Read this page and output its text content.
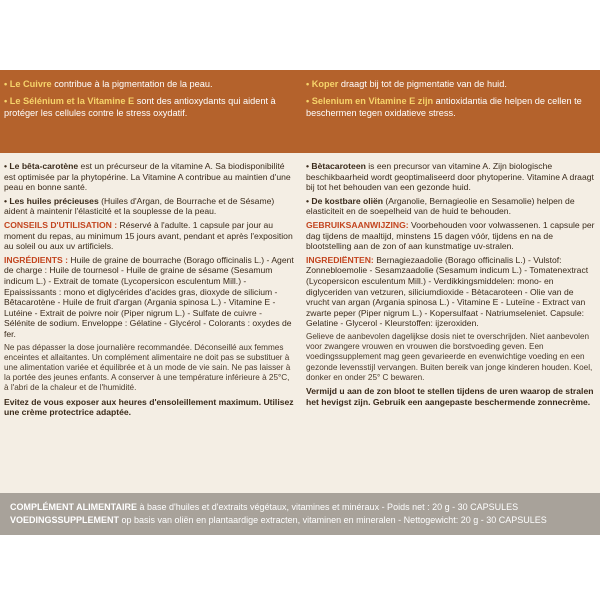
• Le Cuivre contribue à la pigmentation de la peau.

• Le Sélénium et la Vitamine E sont des antioxydants qui aident à protéger les cellules contre le stress oxydatif.

• Koper draagt bij tot de pigmentatie van de huid.

• Selenium en Vitamine E zijn antioxidantia die helpen de cellen te beschermen tegen oxidatieve stress.

• Le bêta-carotène est un précurseur de la vitamine A. Sa biodisponibilité est optimisée par la phytopérine. La Vitamine A contribue au maintien d'une peau en bonne santé.

• Les huiles précieuses (Huiles d'Argan, de Bourrache et de Sésame) aident à maintenir l'élasticité et la souplesse de la peau.

CONSEILS D'UTILISATION : Réservé à l'adulte. 1 capsule par jour au moment du repas, au minimum 15 jours avant, pendant et après l'exposition au soleil ou aux uv artificiels.

INGRÉDIENTS : Huile de graine de bourrache (Borago officinalis L.) - Agent de charge : Huile de tournesol - Huile de graine de sésame (Sesamum indicum L.) - Extrait de tomate (Lycopersicon esculentum Mill.) - Epaississants : mono et diglycérides d'acides gras, dioxyde de silicium - Bêtacarotène - Huile de fruit d'argan (Argania spinosa L.) - Vitamine E - Lutéine - Extrait de poivre noir (Piper nigrum L.) - Sulfate de cuivre - Sélénite de sodium. Enveloppe : Gélatine - Glycérol - Colorants : oxydes de fer.

Ne pas dépasser la dose journalière recommandée. Déconseillé aux femmes enceintes et allaitantes. Un complément alimentaire ne doit pas se substituer à une alimentation variée et équilibrée et à un mode de vie sain. Ne pas laisser à la portée des jeunes enfants. A conserver à une température inférieure à 25°C, à l'abri de la chaleur et de l'humidité.

Evitez de vous exposer aux heures d'ensoleillement maximum. Utilisez une crème protectrice adaptée.

• Bètacaroteen is een precursor van vitamine A. Zijn biologische beschikbaarheid wordt geoptimaliseerd door phytoperine. Vitamine A draagt bij tot het behouden van een gezonde huid.

• De kostbare oliën (Arganolie, Bernagieolie en Sesamolie) helpen de elasticiteit en de soepelheid van de huid te behouden.

GEBRUIKSAANWIJZING: Voorbehouden voor volwassenen. 1 capsule per dag tijdens de maaltijd, minstens 15 dagen vóór, tijdens en na de blootstelling aan de zon of aan kunstmatige uv-stralen.

INGREDIËNTEN: Bernagiezaadolie (Borago officinalis L.) - Vulstof: Zonnebloemolie - Sesamzaadolie (Sesamum indicum L.) - Tomatenextract (Lycopersicon esculentum Mill.) - Verdikkingsmiddelen: mono- en diglyceriden van vetzuren, siliciumdioxide - Bètacaroteen - Olie van de vrucht van argan (Argania spinosa L.) - Vitamine E - Luteïne - Extract van zwarte peper (Piper nigrum L.) - Kopersulfaat - Natriumseleniet. Capsule: Gelatine - Glycerol - Kleurstoffen: ijzeroxiden.

Gelieve de aanbevolen dagelijkse dosis niet te overschrijden. Niet aanbevolen voor zwangere vrouwen en vrouwen die borstvoeding geven. Een voedingssupplement mag geen gevarieerde en evenwichtige voeding en een gezonde levensstijl vervangen. Buiten bereik van jonge kinderen houden. Koel, donker en onder 25° C bewaren.

Vermijd u aan de zon bloot te stellen tijdens de uren waarop de stralen het hevigst zijn. Gebruik een aangepaste beschermende zonnecrème.

COMPLÉMENT ALIMENTAIRE à base d'huiles et d'extraits végétaux, vitamines et minéraux - Poids net : 20 g - 30 CAPSULES
VOEDINGSSUPPLEMENT op basis van oliën en plantaardige extracten, vitaminen en mineralen - Nettogewicht: 20 g - 30 CAPSULES
